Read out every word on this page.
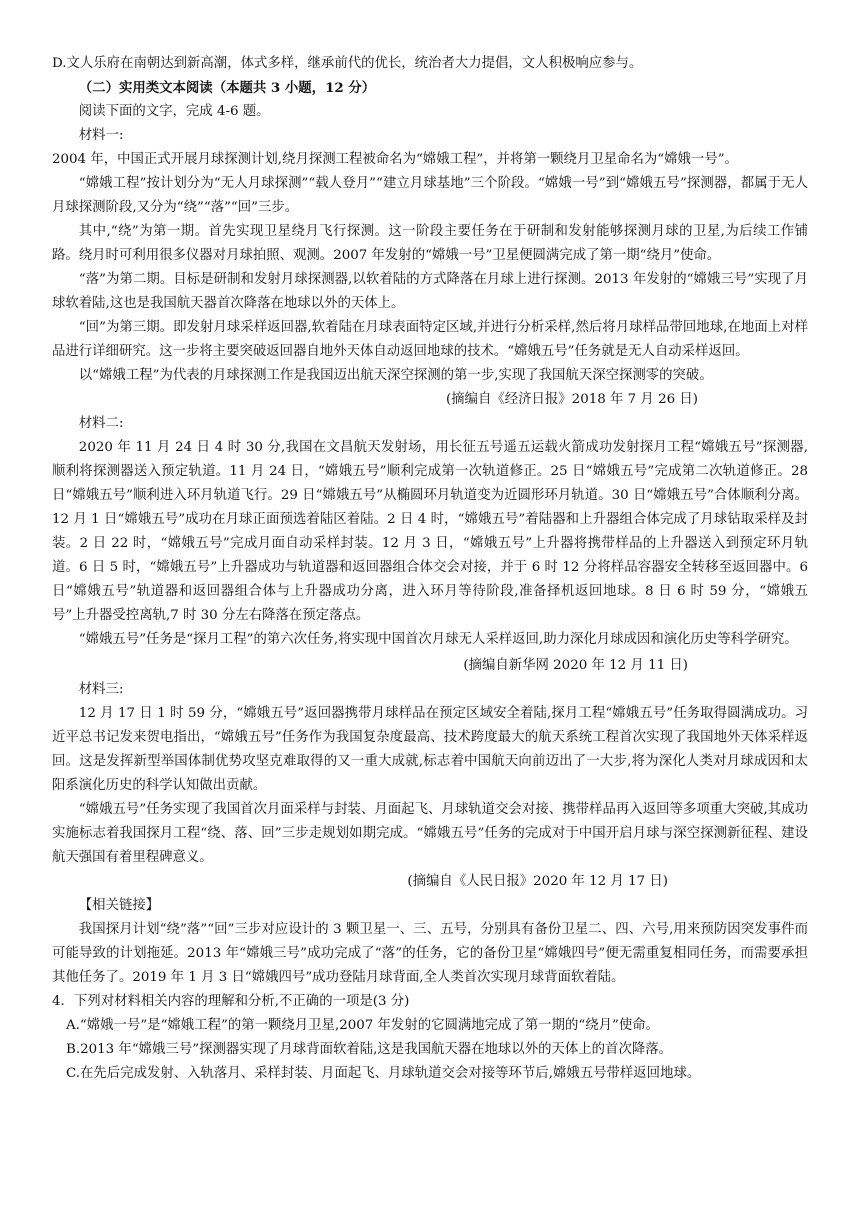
D.文人乐府在南朝达到新高潮，体式多样，继承前代的优长，统治者大力提倡，文人积极响应参与。

（二）实用类文本阅读（本题共 3 小题，12 分）

阅读下面的文字，完成 4-6 题。

材料一:

2004 年，中国正式开展月球探测计划,绕月探测工程被命名为“嫦娥工程”，并将第一颗绕月卫星命名为“嫦娥一号”。

“嫦娥工程”按计划分为“无人月球探测”“载人登月”“建立月球基地”三个阶段。“嫦娥一号”到“嫦娥五号”探测器，都属于无人月球探测阶段,又分为“绕”“落”“回”三步。

其中,“绕”为第一期。首先实现卫星绕月飞行探测。这一阶段主要任务在于研制和发射能够探测月球的卫星,为后续工作铺路。绕月时可利用很多仪器对月球拍照、观测。2007 年发射的“嫦娥一号”卫星便圆满完成了第一期“绕月”使命。

“落”为第二期。目标是研制和发射月球探测器,以软着陆的方式降落在月球上进行探测。2013 年发射的“嫦娥三号”实现了月球软着陆,这也是我国航天器首次降落在地球以外的天体上。

“回”为第三期。即发射月球采样返回器,软着陆在月球表面特定区域,并进行分析采样,然后将月球样品带回地球,在地面上对样品进行详细研究。这一步将主要突破返回器自地外天体自动返回地球的技术。“嫦娥五号”任务就是无人自动采样返回。

以“嫦娥工程”为代表的月球探测工作是我国迈出航天深空探测的第一步,实现了我国航天深空探测零的突破。

(摘编自《经济日报》2018 年 7 月 26 日)

材料二:

2020 年 11 月 24 日 4 时 30 分,我国在文昌航天发射场，用长征五号遥五运载火箭成功发射探月工程“嫦娥五号”探测器,顺利将探测器送入预定轨道。11 月 24 日，“嫦娥五号”顺利完成第一次轨道修正。25 日“嫦娥五号”完成第二次轨道修正。28 日“嫦娥五号”顺利进入环月轨道飞行。29 日“嫦娥五号”从椭圆环月轨道变为近圆形环月轨道。30 日“嫦娥五号”合体顺利分离。12 月 1 日“嫦娥五号”成功在月球正面预选着陆区着陆。2 日 4 时，“嫦娥五号”着陆器和上升器组合体完成了月球钻取采样及封装。2 日 22 时，“嫦娥五号”完成月面自动采样封装。12 月 3 日，“嫦娥五号”上升器将携带样品的上升器送入到预定环月轨道。6 日 5 时，“嫦娥五号”上升器成功与轨道器和返回器组合体交会对接，并于 6 时 12 分将样品容器安全转移至返回器中。6 日“嫦娥五号”轨道器和返回器组合体与上升器成功分离，进入环月等待阶段,准备择机返回地球。8 日 6 时 59 分，“嫦娥五号”上升器受控离轨,7 时 30 分左右降落在预定落点。

“嫦娥五号”任务是“探月工程”的第六次任务,将实现中国首次月球无人采样返回,助力深化月球成因和演化历史等科学研究。

(摘编自新华网 2020 年 12 月 11 日)

材料三:

12 月 17 日 1 时 59 分，“嫦娥五号”返回器携带月球样品在预定区域安全着陆,探月工程“嫦娥五号”任务取得圆满成功。习近平总书记发来贺电指出，“嫦娥五号”任务作为我国复杂度最高、技术跨度最大的航天系统工程首次实现了我国地外天体采样返回。这是发挥新型举国体制优势攻坚克难取得的又一重大成就,标志着中国航天向前迈出了一大步,将为深化人类对月球成因和太阳系演化历史的科学认知做出贡献。

“嫦娥五号”任务实现了我国首次月面采样与封装、月面起飞、月球轨道交会对接、携带样品再入返回等多项重大突破,其成功实施标志着我国探月工程“绕、落、回”三步走规划如期完成。“嫦娥五号”任务的完成对于中国开启月球与深空探测新征程、建设航天强国有着里程碑意义。

(摘编自《人民日报》2020 年 12 月 17 日)

【相关链接】

我国探月计划“绕”落”“回”三步对应设计的 3 颗卫星一、三、五号，分别具有备份卫星二、四、六号,用来预防因突发事件而可能导致的计划拖延。2013 年“嫦娥三号”成功完成了“落”的任务，它的备份卫星“嫦娥四号”便无需重复相同任务，而需要承担其他任务了。2019 年 1 月 3 日“嫦娥四号”成功登陆月球背面,全人类首次实现月球背面软着陆。

4．下列对材料相关内容的理解和分析,不正确的一项是(3 分)

A.“嫦娥一号”是“嫦娥工程”的第一颗绕月卫星,2007 年发射的它圆满地完成了第一期的“绕月”使命。

B.2013 年“嫦娥三号”探测器实现了月球背面软着陆,这是我国航天器在地球以外的天体上的首次降落。

C.在先后完成发射、入轨落月、采样封装、月面起飞、月球轨道交会对接等环节后,嫦娥五号带样返回地球。
